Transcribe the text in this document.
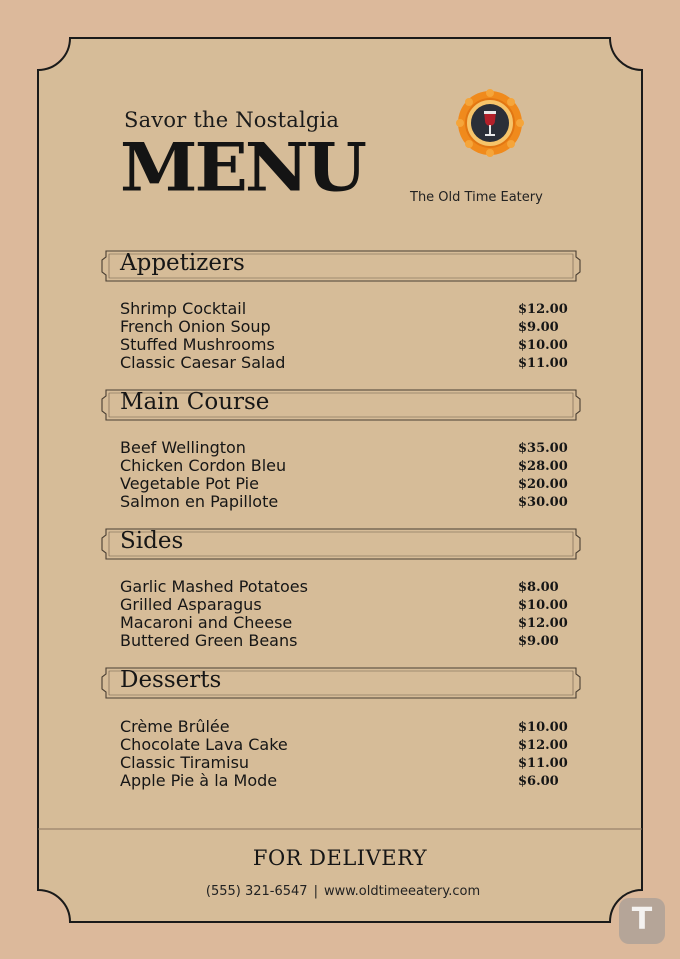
Savor the Nostalgia
MENU	The Old Time Eatery
Appetizers
Shrimp Cocktail	$12.00
French Onion Soup	$9.00
Stuffed Mushrooms	$10.00
Classic Caesar Salad	$11.00
Main Course
Beef Wellington	$35.00
Chicken Cordon Bleu	$28.00
Vegetable Pot Pie	$20.00
Salmon en Papillote	$30.00
Sides
Garlic Mashed Potatoes	$8.00
Grilled Asparagus	$10.00
Macaroni and Cheese	$12.00
Buttered Green Beans	$9.00
Desserts
Crème Brûlée	$10.00
Chocolate Lava Cake	$12.00
Classic Tiramisu	$11.00
Apple Pie à la Mode	$6.00
FOR DELIVERY
(555) 321-6547 | www.oldtimeeatery.com
T
